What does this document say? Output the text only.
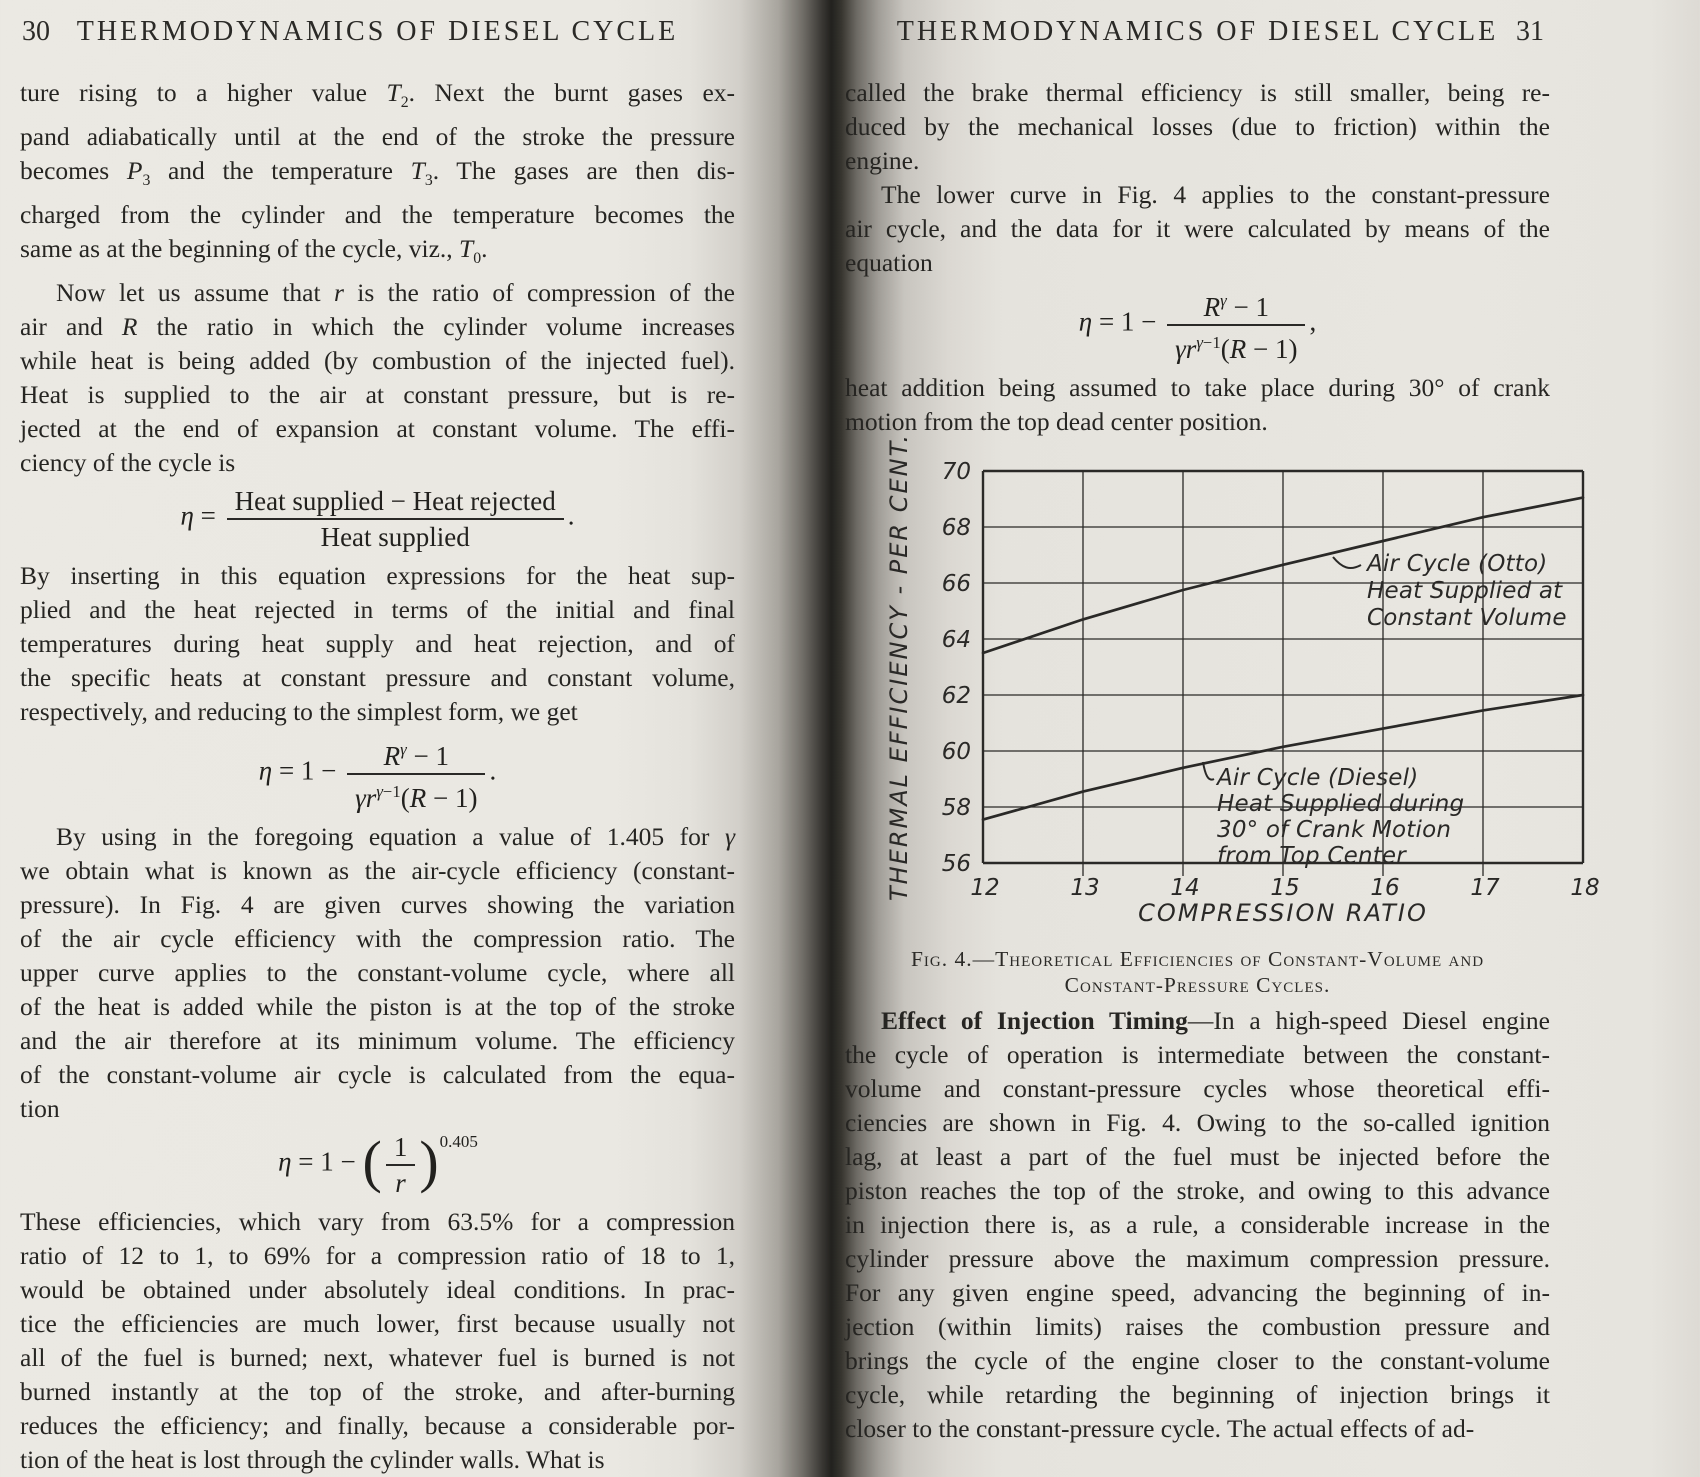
30 THERMODYNAMICS OF DIESEL CYCLE
ture rising to a higher value $T_2$. Next the burnt gases ex-
pand adiabatically until at the end of the stroke the pressure
becomes $P_3$ and the temperature $T_3$. The gases are then dis-
charged from the cylinder and the temperature becomes the
same as at the beginning of the cycle, viz., $T_0$.
Now let us assume that r is the ratio of compression of the
air and R the ratio in which the cylinder volume increases
while heat is being added (by combustion of the injected fuel).
Heat is supplied to the air at constant pressure, but is re-
jected at the end of expansion at constant volume. The effi-
ciency of the cycle is
$\eta = \frac{\text{Heat supplied − Heat rejected}}{\text{Heat supplied}}$ .
By inserting in this equation expressions for the heat sup-
plied and the heat rejected in terms of the initial and final
temperatures during heat supply and heat rejection, and of
the specific heats at constant pressure and constant volume,
respectively, and reducing to the simplest form, we get
$\eta = 1 - \frac{R^\gamma - 1}{\gamma r^{\gamma-1}(R - 1)}$ .
By using in the foregoing equation a value of 1.405 for γ
we obtain what is known as the air-cycle efficiency (constant-
pressure). In Fig. 4 are given curves showing the variation
of the air cycle efficiency with the compression ratio. The
upper curve applies to the constant-volume cycle, where all
of the heat is added while the piston is at the top of the stroke
and the air therefore at its minimum volume. The efficiency
of the constant-volume air cycle is calculated from the equa-
tion
η = 1 − ( $\frac{1}{r} )^{0.405}$
These efficiencies, which vary from 63.5% for a compression
ratio of 12 to 1, to 69% for a compression ratio of 18 to 1,
would be obtained under absolutely ideal conditions. In prac-
tice the efficiencies are much lower, first because usually not
all of the fuel is burned; next, whatever fuel is burned is not
burned instantly at the top of the stroke, and after-burning
reduces the efficiency; and finally, because a considerable por-
tion of the heat is lost through the cylinder walls. What is
THERMODYNAMICS OF DIESEL CYCLE 31
called the brake thermal efficiency is still smaller, being re-
duced by the mechanical losses (due to friction) within the
engine.
The lower curve in Fig. 4 applies to the constant-pressure
air cycle, and the data for it were calculated by means of the
equation
$\eta = 1 - \frac{R^\gamma - 1}{\gamma r^{\gamma-1}(R - 1)}$ ,
heat addition being assumed to take place during 30° of crank
motion from the top dead center position.
56
58
60
62
64
66
68
70
12	13	14	15	16	17	18
Air Cycle (Otto)
Heat Supplied at
Constant Volume
Air Cycle (Diesel)
Heat Supplied during
30° of Crank Motion
from Top Center
THERMAL EFFICIENCY - PER CENT.
COMPRESSION RATIO
Fig. 4.—Theoretical Efficiencies of Constant-Volume and
Constant-Pressure Cycles.
Effect of Injection Timing—In a high-speed Diesel engine
the cycle of operation is intermediate between the constant-
volume and constant-pressure cycles whose theoretical effi-
ciencies are shown in Fig. 4. Owing to the so-called ignition
lag, at least a part of the fuel must be injected before the
piston reaches the top of the stroke, and owing to this advance
in injection there is, as a rule, a considerable increase in the
cylinder pressure above the maximum compression pressure.
For any given engine speed, advancing the beginning of in-
jection (within limits) raises the combustion pressure and
brings the cycle of the engine closer to the constant-volume
cycle, while retarding the beginning of injection brings it
closer to the constant-pressure cycle. The actual effects of ad-
